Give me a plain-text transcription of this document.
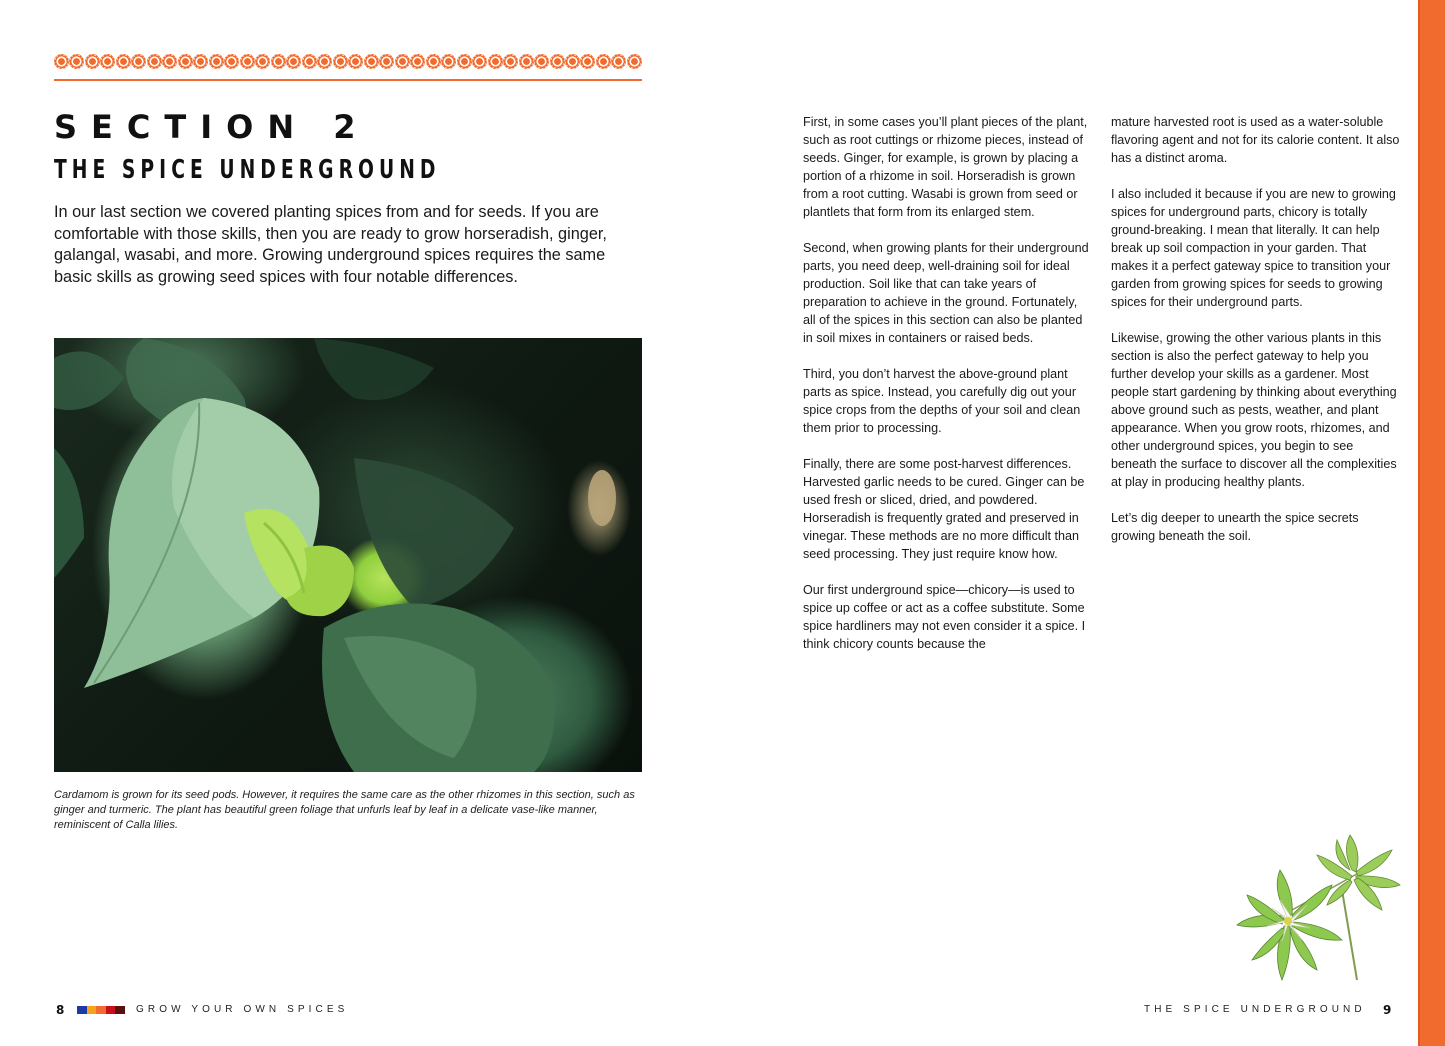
SECTION 2
THE SPICE UNDERGROUND

In our last section we covered planting spices from and for seeds. If you are comfortable with those skills, then you are ready to grow horseradish, ginger, galangal, wasabi, and more. Growing underground spices requires the same basic skills as growing seed spices with four notable differences.

Cardamom is grown for its seed pods. However, it requires the same care as the other rhizomes in this section, such as ginger and turmeric. The plant has beautiful green foliage that unfurls leaf by leaf in a delicate vase-like manner, reminiscent of Calla lilies.

8	GROW YOUR OWN SPICES

First, in some cases you’ll plant pieces of the plant, such as root cuttings or rhizome pieces, instead of seeds. Ginger, for example, is grown by placing a portion of a rhizome in soil. Horseradish is grown from a root cutting. Wasabi is grown from seed or plantlets that form from its enlarged stem.

Second, when growing plants for their underground parts, you need deep, well-draining soil for ideal production. Soil like that can take years of preparation to achieve in the ground. Fortunately, all of the spices in this section can also be planted in soil mixes in containers or raised beds.

Third, you don’t harvest the above-ground plant parts as spice. Instead, you carefully dig out your spice crops from the depths of your soil and clean them prior to processing.

Finally, there are some post-harvest differences. Harvested garlic needs to be cured. Ginger can be used fresh or sliced, dried, and powdered. Horseradish is frequently grated and preserved in vinegar. These methods are no more difficult than seed processing. They just require know how.

Our first underground spice—chicory—is used to spice up coffee or act as a coffee substitute. Some spice hardliners may not even consider it a spice. I think chicory counts because the

mature harvested root is used as a water-soluble flavoring agent and not for its calorie content. It also has a distinct aroma.

I also included it because if you are new to growing spices for underground parts, chicory is totally ground-breaking. I mean that literally. It can help break up soil compaction in your garden. That makes it a perfect gateway spice to transition your garden from growing spices for seeds to growing spices for their underground parts.

Likewise, growing the other various plants in this section is also the perfect gateway to help you further develop your skills as a gardener. Most people start gardening by thinking about everything above ground such as pests, weather, and plant appearance. When you grow roots, rhizomes, and other underground spices, you begin to see beneath the surface to discover all the complexities at play in producing healthy plants.

Let’s dig deeper to unearth the spice secrets growing beneath the soil.

THE SPICE UNDERGROUND 9
